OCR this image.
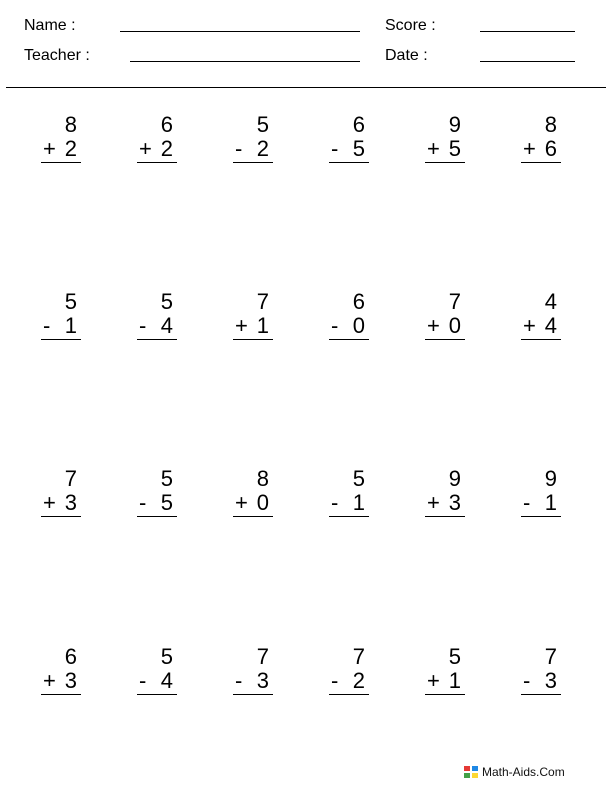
Name :
Teacher :
Score :
Date :
8
+ 2
6
+ 2
5
- 2
6
- 5
9
+ 5
8
+ 6
5
- 1
5
- 4
7
+ 1
6
- 0
7
+ 0
4
+ 4
7
+ 3
5
- 5
8
+ 0
5
- 1
9
+ 3
9
- 1
6
+ 3
5
- 4
7
- 3
7
- 2
5
+ 1
7
- 3
Math-Aids.Com
